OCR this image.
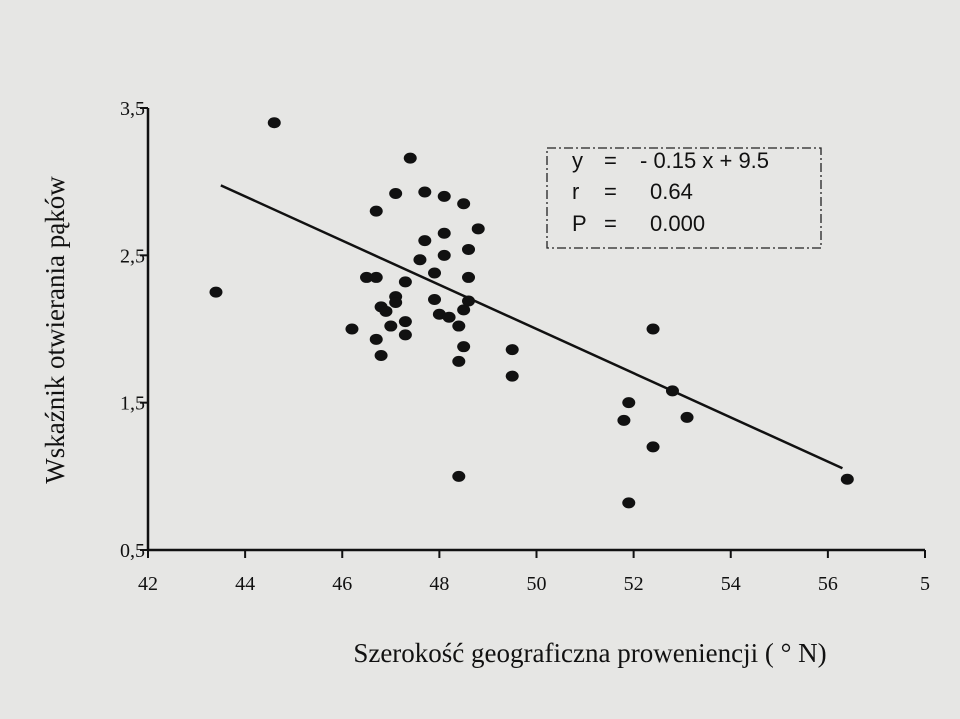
0,5
1,5
2,5
3,5
42	44	46	48	50	52	54	56	5
y = - 0.15 x + 9.5
r = 0.64
P = 0.000
Szerokość geograficzna proweniencji ( ° N)
Wskaźnik otwierania pąków
